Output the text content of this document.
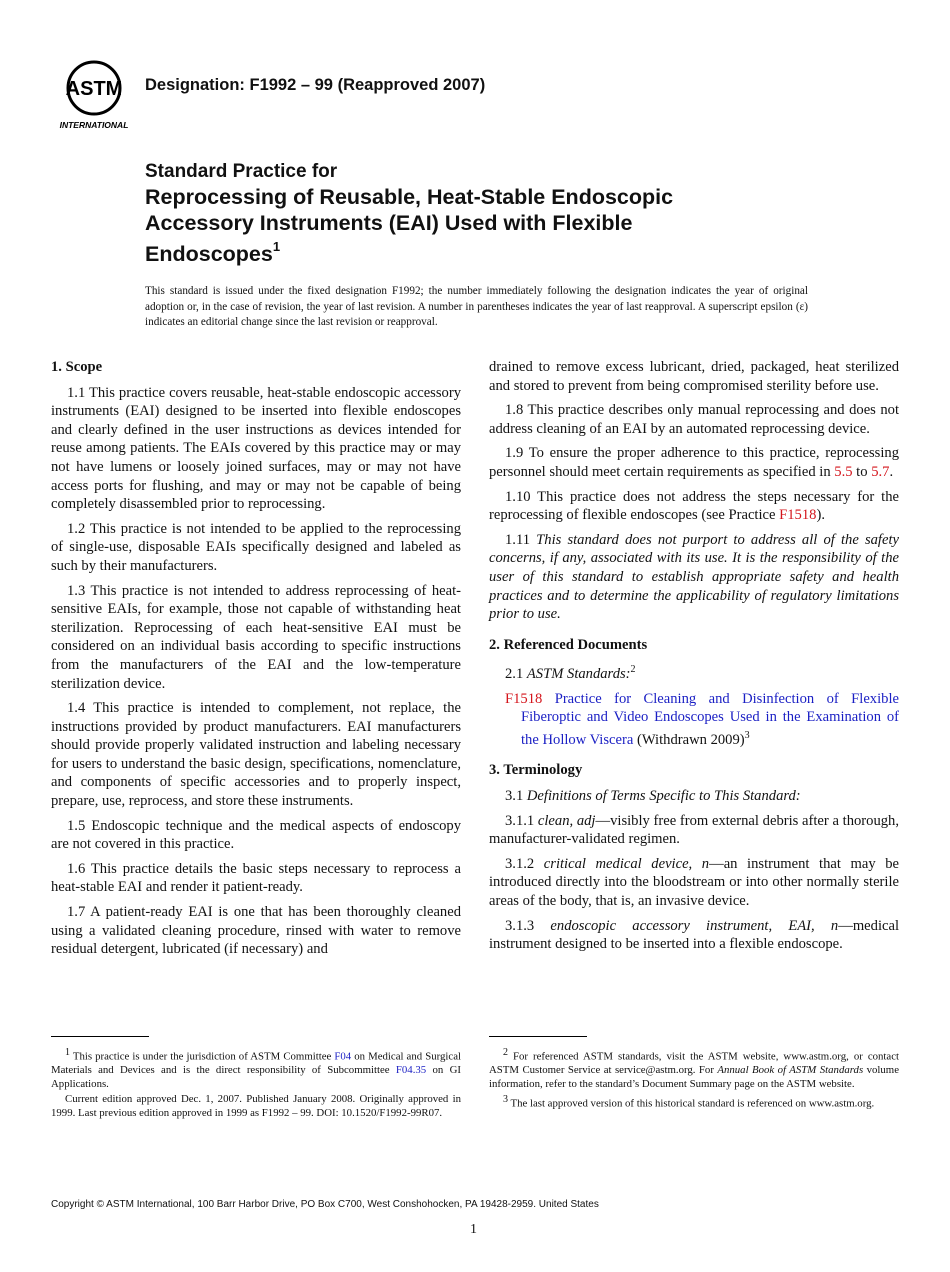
ASTM
INTERNATIONAL
Designation: F1992 – 99 (Reapproved 2007)
Standard Practice for
Reprocessing of Reusable, Heat-Stable Endoscopic
Accessory Instruments (EAI) Used with Flexible
Endoscopes$^1$
This standard is issued under the fixed designation F1992; the number immediately following the designation indicates the year of original adoption or, in the case of revision, the year of last revision. A number in parentheses indicates the year of last reapproval. A superscript epsilon (ε) indicates an editorial change since the last revision or reapproval.
1. Scope

1.1 This practice covers reusable, heat-stable endoscopic accessory instruments (EAI) designed to be inserted into flexible endoscopes and clearly defined in the user instructions as devices intended for reuse among patients. The EAIs covered by this practice may or may not have lumens or loosely joined surfaces, may or may not have access ports for flushing, and may or may not be capable of being completely disassembled prior to reprocessing.

1.2 This practice is not intended to be applied to the reprocessing of single-use, disposable EAIs specifically designed and labeled as such by their manufacturers.

1.3 This practice is not intended to address reprocessing of heat-sensitive EAIs, for example, those not capable of withstanding heat sterilization. Reprocessing of each heat-sensitive EAI must be considered on an individual basis according to specific instructions from the manufacturers of the EAI and the low-temperature sterilization device.

1.4 This practice is intended to complement, not replace, the instructions provided by product manufacturers. EAI manufacturers should provide properly validated instruction and labeling necessary for users to understand the basic design, specifications, nomenclature, and components of specific accessories and to properly inspect, prepare, use, reprocess, and store these instruments.

1.5 Endoscopic technique and the medical aspects of endoscopy are not covered in this practice.

1.6 This practice details the basic steps necessary to reprocess a heat-stable EAI and render it patient-ready.

1.7 A patient-ready EAI is one that has been thoroughly cleaned using a validated cleaning procedure, rinsed with water to remove residual detergent, lubricated (if necessary) and

drained to remove excess lubricant, dried, packaged, heat sterilized and stored to prevent from being compromised sterility before use.

1.8 This practice describes only manual reprocessing and does not address cleaning of an EAI by an automated reprocessing device.

1.9 To ensure the proper adherence to this practice, reprocessing personnel should meet certain requirements as specified in 5.5 to 5.7.

1.10 This practice does not address the steps necessary for the reprocessing of flexible endoscopes (see Practice F1518).

1.11 This standard does not purport to address all of the safety concerns, if any, associated with its use. It is the responsibility of the user of this standard to establish appropriate safety and health practices and to determine the applicability of regulatory limitations prior to use.

2. Referenced Documents

2.1 ASTM Standards:$^2$

F1518 Practice for Cleaning and Disinfection of Flexible Fiberoptic and Video Endoscopes Used in the Examination of the Hollow Viscera (Withdrawn 2009)$^3$

3. Terminology

3.1 Definitions of Terms Specific to This Standard:

3.1.1 clean, adj—visibly free from external debris after a thorough, manufacturer-validated regimen.

3.1.2 critical medical device, n—an instrument that may be introduced directly into the bloodstream or into other normally sterile areas of the body, that is, an invasive device.

3.1.3 endoscopic accessory instrument, EAI, n—medical instrument designed to be inserted into a flexible endoscope.

$^1$ This practice is under the jurisdiction of ASTM Committee F04 on Medical and Surgical Materials and Devices and is the direct responsibility of Subcommittee F04.35 on GI Applications.

Current edition approved Dec. 1, 2007. Published January 2008. Originally approved in 1999. Last previous edition approved in 1999 as F1992 – 99. DOI: 10.1520/F1992-99R07.

$^2$ For referenced ASTM standards, visit the ASTM website, www.astm.org, or contact ASTM Customer Service at service@astm.org. For Annual Book of ASTM Standards volume information, refer to the standard’s Document Summary page on the ASTM website.

$^3$ The last approved version of this historical standard is referenced on www.astm.org.

Copyright © ASTM International, 100 Barr Harbor Drive, PO Box C700, West Conshohocken, PA 19428-2959. United States
1
